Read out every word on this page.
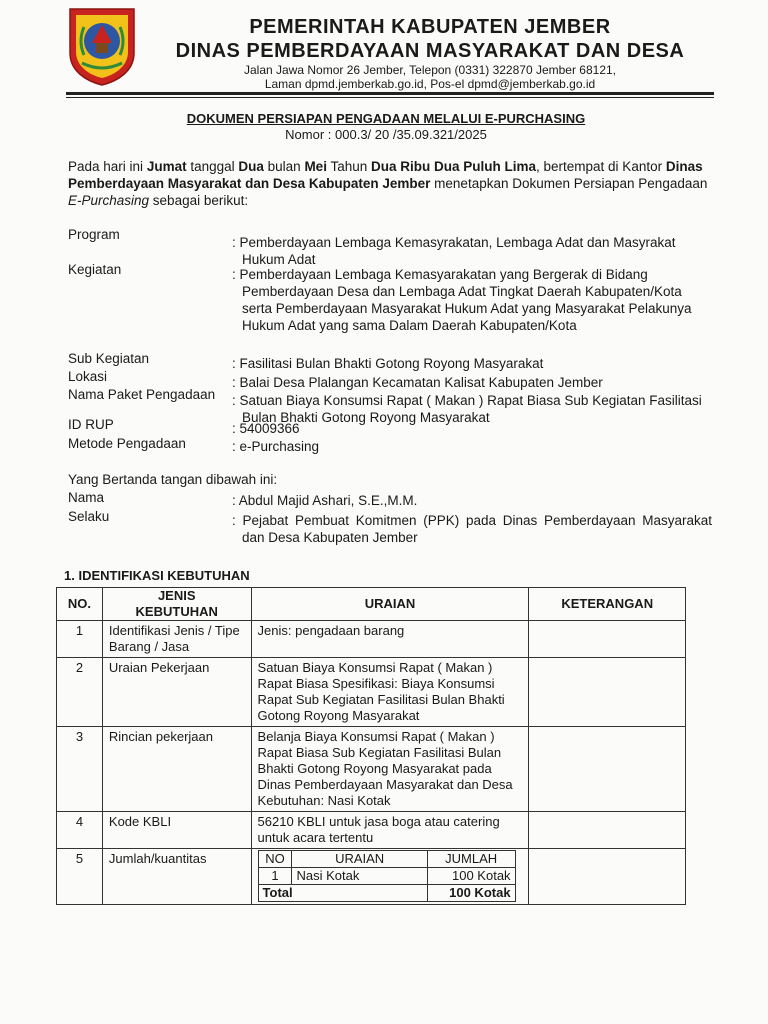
PEMERINTAH KABUPATEN JEMBER
DINAS PEMBERDAYAAN MASYARAKAT DAN DESA
Jalan Jawa Nomor 26 Jember, Telepon (0331) 322870 Jember 68121,
Laman dpmd.jemberkab.go.id, Pos-el dpmd@jemberkab.go.id
DOKUMEN PERSIAPAN PENGADAAN MELALUI E-PURCHASING
Nomor : 000.3/ 20 /35.09.321/2025
Pada hari ini Jumat tanggal Dua bulan Mei Tahun Dua Ribu Dua Puluh Lima, bertempat di Kantor Dinas Pemberdayaan Masyarakat dan Desa Kabupaten Jember menetapkan Dokumen Persiapan Pengadaan E-Purchasing sebagai berikut:
Program
: Pemberdayaan Lembaga Kemasyrakatan, Lembaga Adat dan Masyrakat Hukum Adat
Kegiatan	: Pemberdayaan Lembaga Kemasyarakatan yang Bergerak di Bidang Pemberdayaan Desa dan Lembaga Adat Tingkat Daerah Kabupaten/Kota serta Pemberdayaan Masyarakat Hukum Adat yang Masyarakat Pelakunya Hukum Adat yang sama Dalam Daerah Kabupaten/Kota
Sub Kegiatan	: Fasilitasi Bulan Bhakti Gotong Royong Masyarakat
Lokasi	: Balai Desa Plalangan Kecamatan Kalisat Kabupaten Jember
Nama Paket Pengadaan : Satuan Biaya Konsumsi Rapat ( Makan ) Rapat Biasa Sub Kegiatan Fasilitasi Bulan Bhakti Gotong Royong Masyarakat
ID RUP	: 54009366
Metode Pengadaan	: e-Purchasing
Yang Bertanda tangan dibawah ini:
Nama	: Abdul Majid Ashari, S.E.,M.M.
Selaku	: Pejabat Pembuat Komitmen (PPK) pada Dinas Pemberdayaan Masyarakat dan Desa Kabupaten Jember
1. IDENTIFIKASI KEBUTUHAN
NO.	JENIS KEBUTUHAN	URAIAN	KETERANGAN
1	Identifikasi Jenis / Tipe Barang / Jasa	Jenis: pengadaan barang	
2	Uraian Pekerjaan	Satuan Biaya Konsumsi Rapat ( Makan ) Rapat Biasa Spesifikasi: Biaya Konsumsi Rapat Sub Kegiatan Fasilitasi Bulan Bhakti Gotong Royong Masyarakat	
3	Rincian pekerjaan	Belanja Biaya Konsumsi Rapat ( Makan ) Rapat Biasa Sub Kegiatan Fasilitasi Bulan Bhakti Gotong Royong Masyarakat pada Dinas Pemberdayaan Masyarakat dan Desa Kebutuhan: Nasi Kotak	
4	Kode KBLI	56210 KBLI untuk jasa boga atau catering untuk acara tertentu	
5	Jumlah/kuantitas		NO	URAIAN	JUMLAH
1	Nasi Kotak	100 Kotak
Total	100 Kotak
